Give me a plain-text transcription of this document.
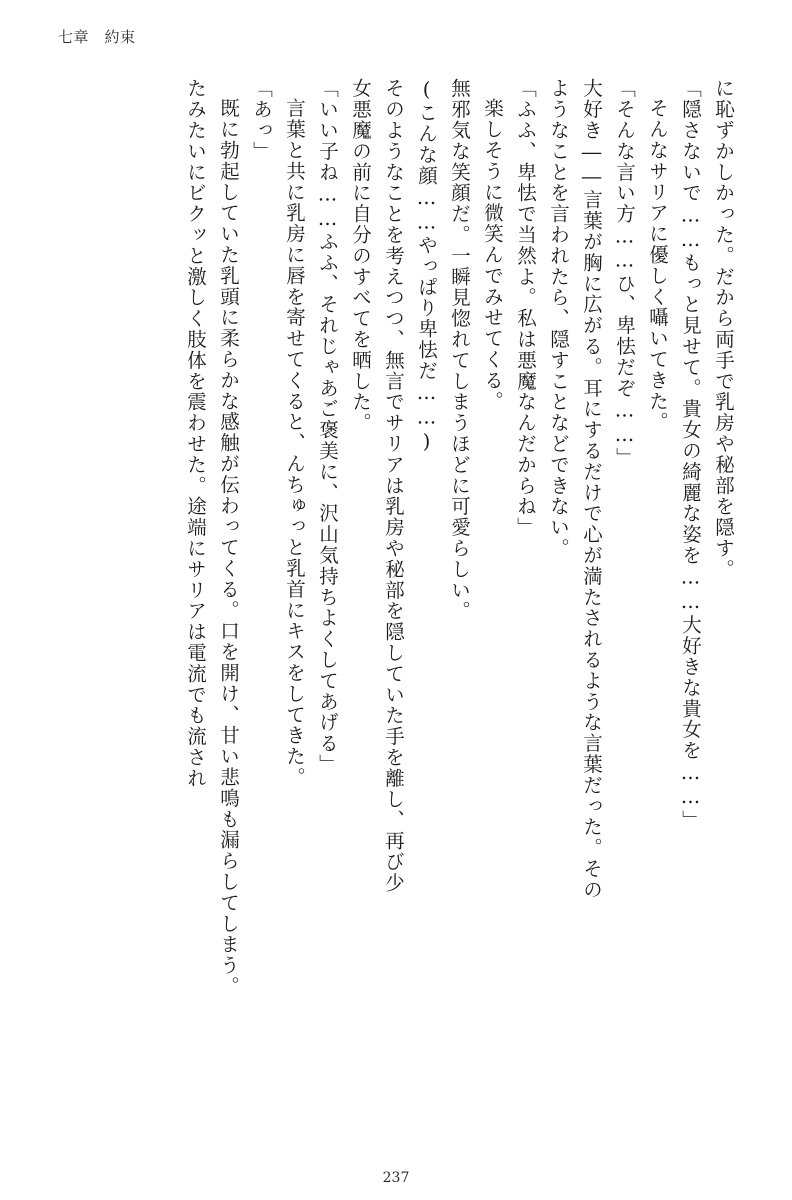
七章　約束
に恥ずかしかった。だから両手で乳房や秘部を隠す。
「隠さないで……もっと見せて。貴女の綺麗な姿を……大好きな貴女を……」
そんなサリアに優しく囁いてきた。
「そんな言い方……ひ、卑怯だぞ……」
大好き――言葉が胸に広がる。耳にするだけで心が満たされるような言葉だった。その
ようなことを言われたら、隠すことなどできない。
「ふふ、卑怯で当然よ。私は悪魔なんだからね」
楽しそうに微笑んでみせてくる。
無邪気な笑顔だ。一瞬見惚れてしまうほどに可愛らしい。
(こんな顔……やっぱり卑怯だ……)
そのようなことを考えつつ、無言でサリアは乳房や秘部を隠していた手を離し、再び少
女悪魔の前に自分のすべてを晒した。
「いい子ね……ふふ、それじゃあご褒美に、沢山気持ちよくしてあげる」
言葉と共に乳房に唇を寄せてくると、んちゅっと乳首にキスをしてきた。
「あっ」
既に勃起していた乳頭に柔らかな感触が伝わってくる。口を開け、甘い悲鳴も漏らしてしまう。
たみたいにビクッと激しく肢体を震わせた。途端にサリアは電流でも流され
237
